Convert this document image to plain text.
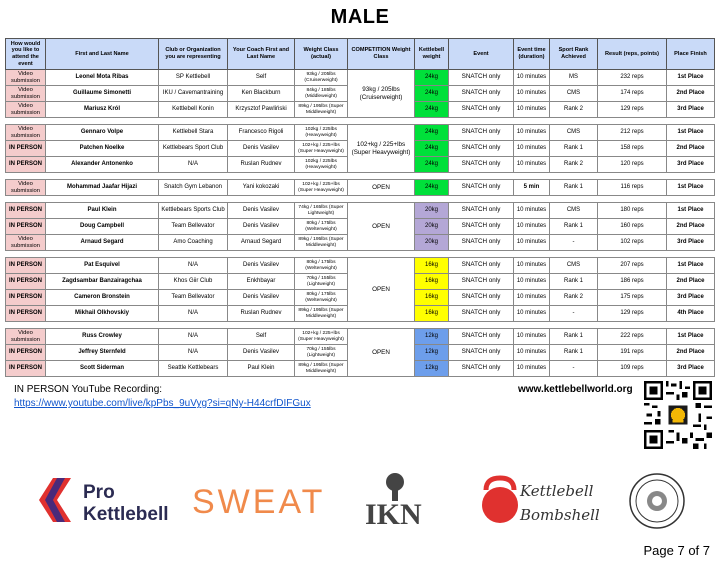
MALE
How would you like to attend the event	First and Last Name	Club or Organization you are representing	Your Coach First and Last Name	Weight Class (actual)	COMPETITION Weight Class	Kettlebell weight	Event	Event time (duration)	Sport Rank Achieved	Result (reps, points)	Place Finish
Video submission	Leonel Mota Ribas	SP Kettlebell	Self	93kg / 205lbs (Cruiserweight)	93kg / 205lbs (Cruiserweight)	24kg	SNATCH only	10 minutes	MS	232 reps	1st Place
Video submission	Guillaume Simonetti	IKU / Cavemantraining	Ken Blackburn	84kg / 185lbs (Middleweight)		24kg	SNATCH only	10 minutes	CMS	174 reps	2nd Place
Video submission	Mariusz Król	Kettlebell Konin	Krzysztof Pawliński	89kg / 195lbs (Super Middleweight)		24kg	SNATCH only	10 minutes	Rank 2	129 reps	3rd Place

Video submission	Gennaro Volpe	Kettlebell Stara	Francesco Rigoli	102kg / 225lbs (Heavyweight)	102+kg / 225+lbs (Super Heavyweight)	24kg	SNATCH only	10 minutes	CMS	212 reps	1st Place
IN PERSON	Patchen Noelke	Kettlebears Sport Club	Denis Vasilev	102+kg / 225+lbs (Super Heavyweight)		24kg	SNATCH only	10 minutes	Rank 1	158 reps	2nd Place
IN PERSON	Alexander Antonenko	N/A	Ruslan Rudnev	102kg / 225lbs (Heavyweight)		24kg	SNATCH only	10 minutes	Rank 2	120 reps	3rd Place

Video submission	Mohammad Jaafar Hijazi	Snatch Gym Lebanon	Yani kokozaki	102+kg / 225+lbs (Super Heavyweight)	OPEN	24kg	SNATCH only	5 min	Rank 1	116 reps	1st Place

IN PERSON	Paul Klein	Kettlebears Sports Club	Denis Vasilev	74kg / 165lbs (Super Lightweight)	OPEN	20kg	SNATCH only	10 minutes	CMS	180 reps	1st Place
IN PERSON	Doug Campbell	Team Bellevator	Denis Vasilev	80kg / 175lbs (Welterweight)		20kg	SNATCH only	10 minutes	Rank 1	160 reps	2nd Place
Video submission	Arnaud Segard	Amo Coaching	Arnaud Segard	89kg / 195lbs (Super Middleweight)		20kg	SNATCH only	10 minutes	-	102 reps	3rd Place

IN PERSON	Pat Esquivel	N/A	Denis Vasilev	80kg / 175lbs (Welterweight)	OPEN	16kg	SNATCH only	10 minutes	CMS	207 reps	1st Place
IN PERSON	Zagdsambar Banzairagchaa	Khos Giir Club	Enkhbayar	70kg / 155lbs (Lightweight)		16kg	SNATCH only	10 minutes	Rank 1	186 reps	2nd Place
IN PERSON	Cameron Bronstein	Team Bellevator	Denis Vasilev	80kg / 175lbs (Welterweight)		16kg	SNATCH only	10 minutes	Rank 2	175 reps	3rd Place
IN PERSON	Mikhail Olkhovskiy	N/A	Ruslan Rudnev	89kg / 195lbs (Super Middleweight)		16kg	SNATCH only	10 minutes	-	129 reps	4th Place

Video submission	Russ Crowley	N/A	Self	102+kg / 225+lbs (Super Heavyweight)	OPEN	12kg	SNATCH only	10 minutes	Rank 1	222 reps	1st Place
IN PERSON	Jeffrey Sternfeld	N/A	Denis Vasilev	70kg / 155lbs (Lightweight)		12kg	SNATCH only	10 minutes	Rank 1	191 reps	2nd Place
IN PERSON	Scott Siderman	Seattle Kettlebears	Paul Klein	89kg / 195lbs (Super Middleweight)		12kg	SNATCH only	10 minutes	-	109 reps	3rd Place
IN PERSON YouTube Recording:
https://www.youtube.com/live/kpPbs_9uVyg?si=qNy-H44crfDIFGux
www.kettlebellworld.org
Pro
Kettlebell SWEAT IKN
Kettlebell
Bombshell
Page 7 of 7
